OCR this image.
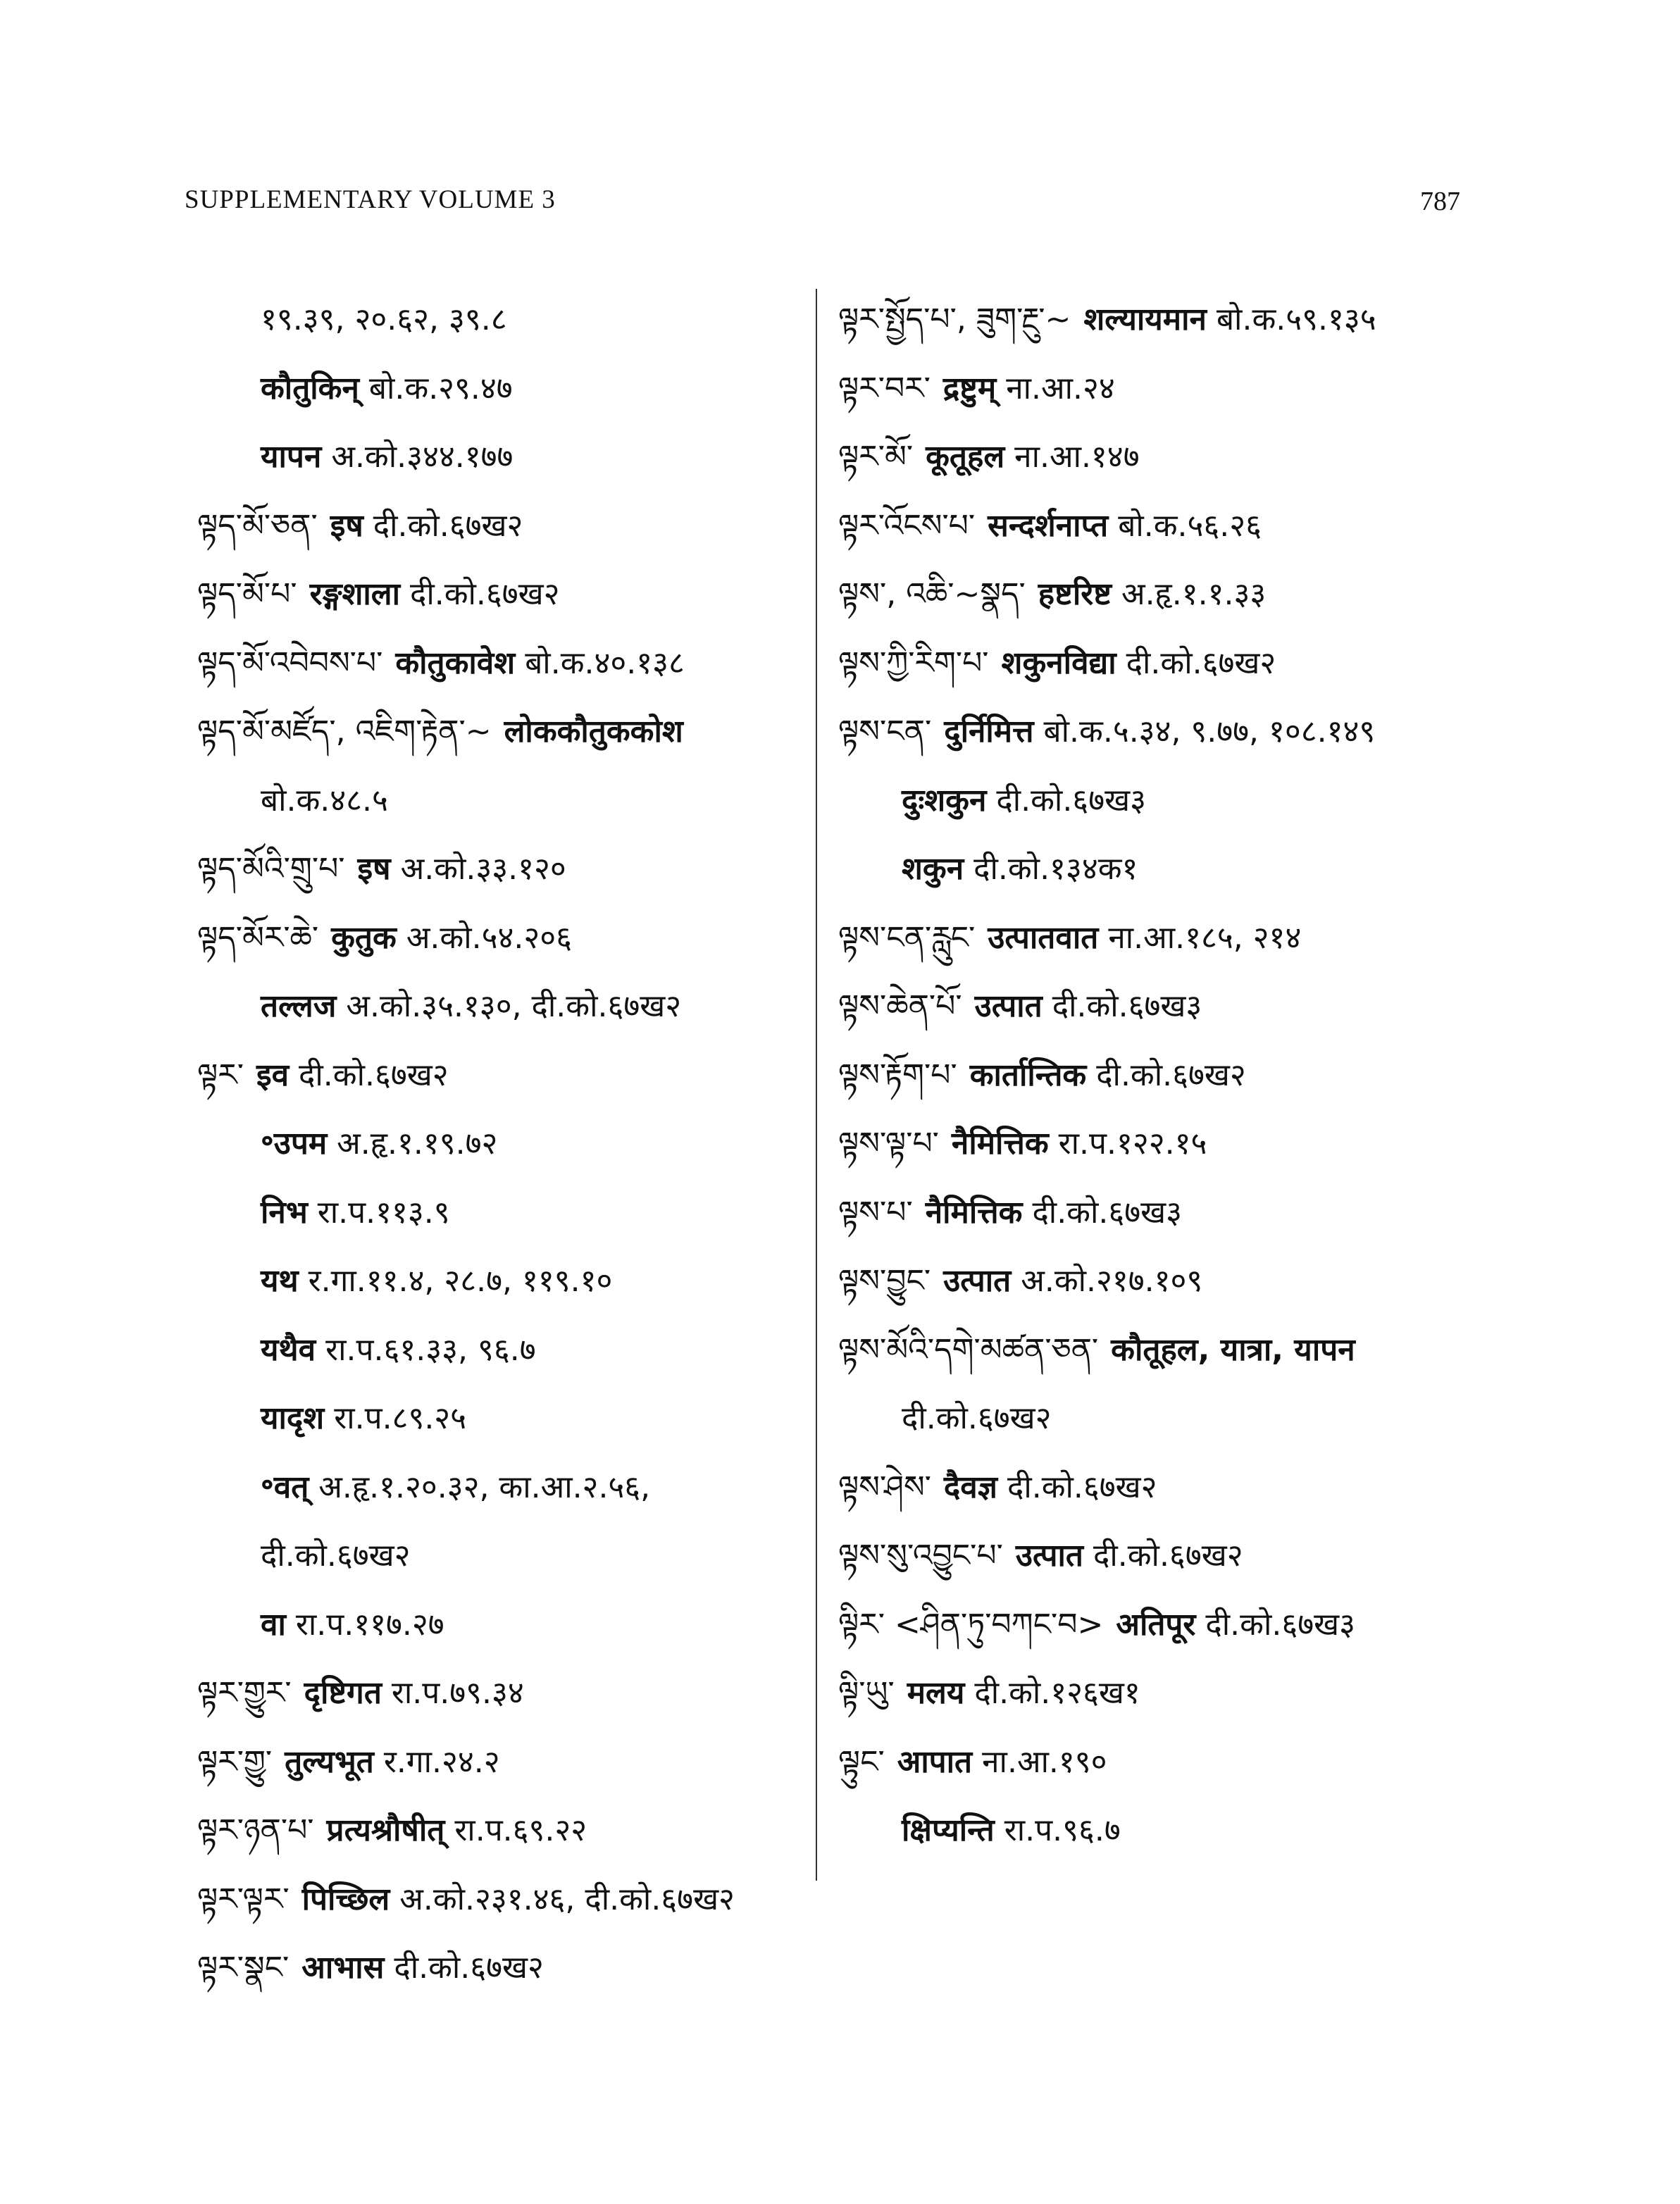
SUPPLEMENTARY VOLUME 3	787
१९.३९, २०.६२, ३९.८
कौतुकिन् बो.क.२९.४७
यापन अ.को.३४४.१७७
ལྟད་མོ་ཅན་ इष दी.को.६७ख२
ལྟད་མོ་པ་ रङ्गशाला दी.को.६७ख२
ལྟད་མོ་འབེབས་པ་ कौतुकावेश बो.क.४०.१३८
ལྟད་མོ་མཛོད་, འཇིག་རྟེན་~ लोककौतुककोश
बो.क.४८.५
ལྟད་མོའི་གྲུ་པ་ इष अ.को.३३.१२०
ལྟད་མོར་ཆེ་ कुतुक अ.को.५४.२०६
तल्लज अ.को.३५.१३०, दी.को.६७ख२
ལྟར་ इव दी.को.६७ख२
॰उपम अ.हृ.१.१९.७२
निभ रा.प.११३.९
यथ र.गा.११.४, २८.७, ११९.१०
यथैव रा.प.६१.३३, ९६.७
यादृश रा.प.८९.२५
॰वत् अ.हृ.१.२०.३२, का.आ.२.५६,
दी.को.६७ख२
वा रा.प.११७.२७
ལྟར་གྱུར་ दृष्टिगत रा.प.७९.३४
ལྟར་གྱུ་ तुल्यभूत र.गा.२४.२
ལྟར་ཉན་པ་ प्रत्यश्रौषीत् रा.प.६९.२२
ལྟར་ལྟར་ पिच्छिल अ.को.२३१.४६, दी.को.६७ख२
ལྟར་སྣང་ आभास दी.को.६७ख२
ལྟར་སྤྱོད་པ་, ཟུག་རྔུ་~ शल्यायमान बो.क.५९.१३५
ལྟར་བར་ द्रष्टुम् ना.आ.२४
ལྟར་མོ་ कूतूहल ना.आ.१४७
ལྟར་འོངས་པ་ सन्दर्शनाप्त बो.क.५६.२६
ལྟས་, འཆི་~སྣད་ हष्टरिष्ट अ.हृ.१.१.३३
ལྟས་ཀྱི་རིག་པ་ शकुनविद्या दी.को.६७ख२
ལྟས་ངན་ दुर्निमित्त बो.क.५.३४, ९.७७, १०८.१४९
दुःशकुन दी.को.६७ख३
शकुन दी.को.१३४क१
ལྟས་ངན་རླུང་ उत्पातवात ना.आ.१८५, २१४
ལྟས་ཆེན་པོ་ उत्पात दी.को.६७ख३
ལྟས་རྟོག་པ་ कार्तान्तिक दी.को.६७ख२
ལྟས་ལྟ་པ་ नैमित्तिक रा.प.१२२.१५
ལྟས་པ་ नैमित्तिक दी.को.६७ख३
ལྟས་བྱུང་ उत्पात अ.को.२१७.१०९
ལྟས་མོའི་དགེ་མཚན་ཅན་ कौतूहल, यात्रा, यापन
दी.को.६७ख२
ལྟས་ཤེས་ दैवज्ञ दी.को.६७ख२
ལྟས་སུ་འབྱུང་པ་ उत्पात दी.को.६७ख२
ལྟིར་ <ཤིན་ཏུ་བཀང་བ> अतिपूर दी.को.६७ख३
ལྟི་ཡུ་ मलय दी.को.१२६ख१
ལྟུང་ आपात ना.आ.१९०
क्षिप्यन्ति रा.प.९६.७
